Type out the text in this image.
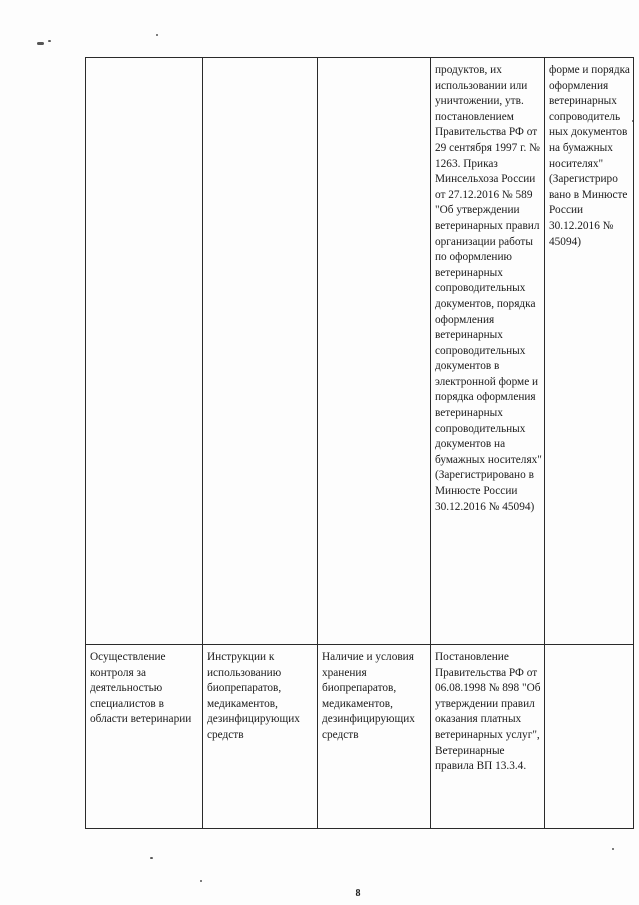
			продуктов, их использовании или уничтожении, утв. постановлением Правительства РФ от 29 сентября 1997 г. № 1263. Приказ Минсельхоза России от 27.12.2016 № 589 "Об утверждении ветеринарных правил организации работы по оформлению ветеринарных сопроводительных документов, порядка оформления ветеринарных сопроводительных документов в электронной форме и порядка оформления ветеринарных сопроводительных документов на бумажных носителях" (Зарегистрировано в Минюсте России 30.12.2016 № 45094)	форме и порядка оформления ветеринарных сопроводитель ных документов на бумажных носителях" (Зарегистриро вано в Минюсте России 30.12.2016 № 45094)

Осуществление контроля за деятельностью специалистов в области ветеринарии	Инструкции к использованию биопрепаратов, медикаментов, дезинфицирующих средств	Наличие и условия хранения биопрепаратов, медикаментов, дезинфицирующих средств	Постановление Правительства РФ от 06.08.1998 № 898 "Об утверждении правил оказания платных ветеринарных услуг", Ветеринарные правила ВП 13.3.4.	

8
